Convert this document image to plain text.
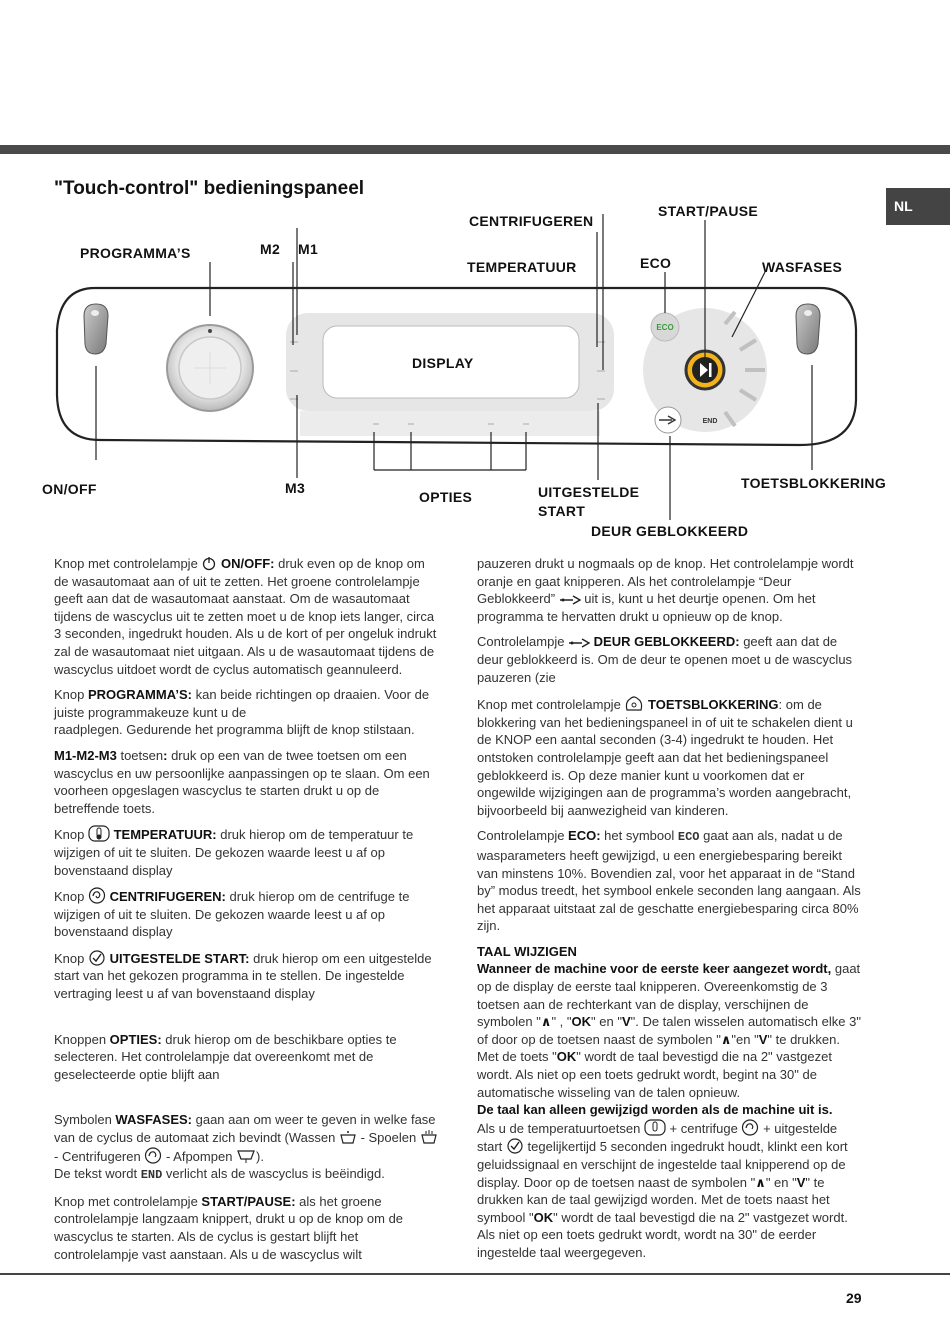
NL
"Touch-control" bedieningspaneel
ECO
END
PROGRAMMA’S	M2 M1
CENTRIFUGEREN
TEMPERATUUR
START/PAUSE
ECO	WASFASES
DISPLAY
ON/OFF	M3
OPTIES	UITGESTELDE
START
TOETSBLOKKERING
DEUR GEBLOKKEERD

Knop met controlelampje  ON/OFF: druk even op de knop om de wasautomaat aan of uit te zetten. Het groene controlelampje geeft aan dat de wasautomaat aanstaat. Om de wasautomaat tijdens de wascyclus uit te zetten moet u de knop iets langer, circa 3 seconden, ingedrukt houden. Als u de kort of per ongeluk indrukt zal de wasautomaat niet uitgaan. Als u de wasautomaat tijdens de wascyclus uitdoet wordt de cyclus automatisch geannuleerd.

Knop PROGRAMMA’S: kan beide richtingen op draaien. Voor de juiste programmakeuze kunt u de
raadplegen. Gedurende het programma blijft de knop stilstaan.

M1-M2-M3 toetsen: druk op een van de twee toetsen om een wascyclus en uw persoonlijke aanpassingen op te slaan. Om een voorheen opgeslagen wascyclus te starten drukt u op de betreffende toets.

Knop  TEMPERATUUR: druk hierop om de temperatuur te wijzigen of uit te sluiten. De gekozen waarde leest u af op bovenstaand display

Knop  CENTRIFUGEREN: druk hierop om de centrifuge te wijzigen of uit te sluiten. De gekozen waarde leest u af op bovenstaand display

Knop  UITGESTELDE START: druk hierop om een uitgestelde start van het gekozen programma in te stellen. De ingestelde vertraging leest u af van bovenstaand display

Knoppen OPTIES: druk hierop om de beschikbare opties te selecteren. Het controlelampje dat overeenkomt met de geselecteerde optie blijft aan

Symbolen WASFASES: gaan aan om weer te geven in welke fase van de cyclus de automaat zich bevindt (Wassen  - Spoelen  - Centrifugeren  - Afpompen ).
De tekst wordt END verlicht als de wascyclus is beëindigd.

Knop met controlelampje START/PAUSE: als het groene controlelampje langzaam knippert, drukt u op de knop om de wascyclus te starten. Als de cyclus is gestart blijft het controlelampje vast aanstaan. Als u de wascyclus wilt

pauzeren drukt u nogmaals op de knop. Het controlelampje wordt oranje en gaat knipperen. Als het controlelampje “Deur Geblokkeerd”  uit is, kunt u het deurtje openen. Om het programma te hervatten drukt u opnieuw op de knop.

Controlelampje  DEUR GEBLOKKEERD: geeft aan dat de deur geblokkeerd is. Om de deur te openen moet u de wascyclus pauzeren (zie

Knop met controlelampje  TOETSBLOKKERING: om de blokkering van het bedieningspaneel in of uit te schakelen dient u de KNOP een aantal seconden (3-4) ingedrukt te houden. Het ontstoken controlelampje geeft aan dat het bedieningspaneel geblokkeerd is. Op deze manier kunt u voorkomen dat er ongewilde wijzigingen aan de programma’s worden aangebracht, bijvoorbeeld bij aanwezigheid van kinderen.

Controlelampje ECO: het symbool ECO gaat aan als, nadat u de wasparameters heeft gewijzigd, u een energiebesparing bereikt van minstens 10%. Bovendien zal, voor het apparaat in de “Stand by” modus treedt, het symbool enkele seconden lang aangaan. Als het apparaat uitstaat zal de geschatte energiebesparing circa 80% zijn.

TAAL WIJZIGEN

Wanneer de machine voor de eerste keer aangezet wordt, gaat op de display de eerste taal knipperen. Overeenkomstig de 3 toetsen aan de rechterkant van de display, verschijnen de symbolen "∧" , "OK" en "V". De talen wisselen automatisch elke 3" of door op de toetsen naast de symbolen "∧"en "V" te drukken. Met de toets "OK" wordt de taal bevestigd die na 2" vastgezet wordt. Als niet op een toets gedrukt wordt, begint na 30" de automatische wisseling van de talen opnieuw.

De taal kan alleen gewijzigd worden als de machine uit is.
Als u de temperatuurtoetsen  + centrifuge  + uitgestelde start  tegelijkertijd 5 seconden ingedrukt houdt, klinkt een kort geluidssignaal en verschijnt de ingestelde taal knipperend op de display. Door op de toetsen naast de symbolen "∧" en "V" te drukken kan de taal gewijzigd worden. Met de toets naast het symbool "OK" wordt de taal bevestigd die na 2" vastgezet wordt. Als niet op een toets gedrukt wordt, wordt na 30" de eerder ingestelde taal weergegeven.

29
